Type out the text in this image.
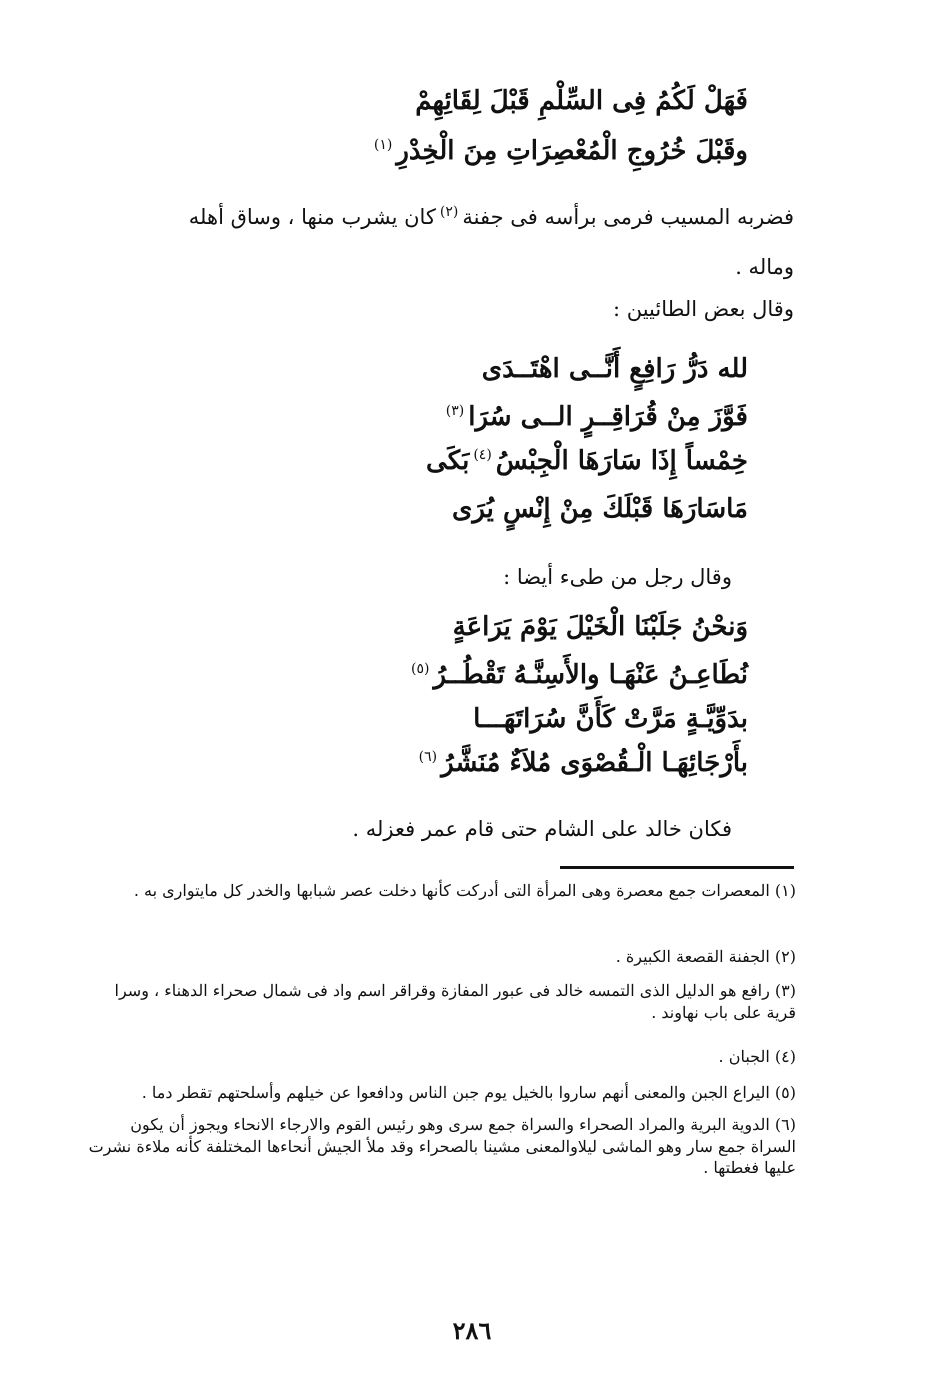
فَهَلْ لَكُمُ فِى السِّلْمِ قَبْلَ لِقَائِهِمْ
وقَبْلَ خُرُوجِ الْمُعْصِرَاتِ مِنَ الْخِدْرِ$^{(١)}$
فضربه المسيب فرمى برأسه فى جفنة$^{(٢)}$كان يشرب منها ، وساق أهله
وماله .
وقال بعض الطائيين :
لله دَرُّ رَافِعٍ أَنَّــى اهْتَــدَى
فَوَّزَ مِنْ قُرَاقِــرٍ الــى سُرَا$^{(٣)}$
خِمْساً إِذَا سَارَهَا الْجِبْسُ$^{(٤)}$بَكَى
مَاسَارَهَا قَبْلَكَ مِنْ إِنْسٍ يُرَى
وقال رجل من طىء أيضا :
وَنحْنُ جَلَبْنَا الْخَيْلَ يَوْمَ يَرَاعَةٍ
نُطَاعِـنُ عَنْهَـا والأَسِنَّـهُ تَقْطُــرُ$^{(٥)}$
بدَوِّيَّـةٍ مَرَّتْ كَأَنَّ سُرَاتَهَـــا
بأَرْجَائِهَـا الْـقُصْوَى مُلاَءٌ مُنَشَّرُ$^{(٦)}$
فكان خالد على الشام حتى قام عمر فعزله .
(١) المعصرات جمع معصرة وهى المرأة التى أدركت كأنها دخلت عصر شبابها والخدر كل مايتوارى به .
(٢) الجفنة القصعة الكبيرة .
(٣) رافع هو الدليل الذى التمسه خالد فى عبور المفازة وقراقر اسم واد فى شمال صحراء الدهناء ، وسرا قرية على باب نهاوند .
(٤) الجبان .
(٥) اليراع الجبن والمعنى أنهم ساروا بالخيل يوم جبن الناس ودافعوا عن خيلهم وأسلحتهم تقطر دما .
(٦) الدوية البرية والمراد الصحراء والسراة جمع سرى وهو رئيس القوم والارجاء الانحاء ويجوز أن يكون السراة جمع سار وهو الماشى ليلاوالمعنى مشينا بالصحراء وقد ملأ الجيش أنحاءها المختلفة كأنه ملاءة نشرت عليها فغطتها .
٢٨٦
